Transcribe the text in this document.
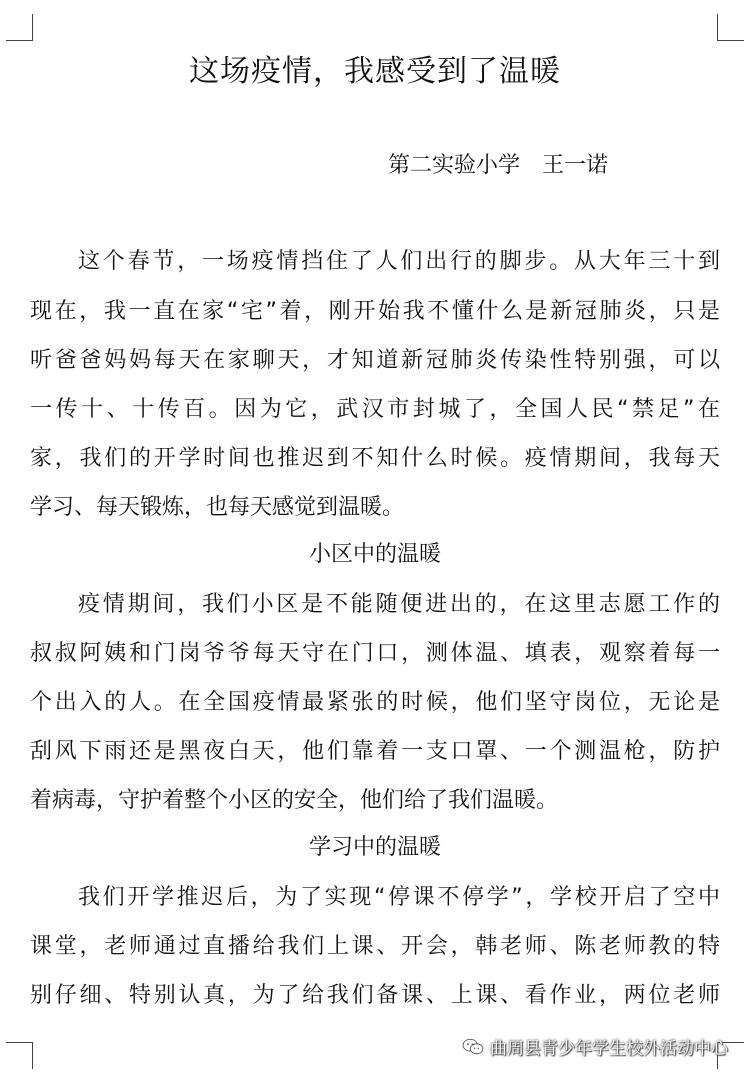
这场疫情，我感受到了温暖

第二实验小学　王一诺

这个春节，一场疫情挡住了人们出行的脚步。从大年三十到

现在，我一直在家“宅”着，刚开始我不懂什么是新冠肺炎，只是

听爸爸妈妈每天在家聊天，才知道新冠肺炎传染性特别强，可以

一传十、十传百。因为它，武汉市封城了，全国人民“禁足”在

家，我们的开学时间也推迟到不知什么时候。疫情期间，我每天

学习、每天锻炼，也每天感觉到温暖。

小区中的温暖

疫情期间，我们小区是不能随便进出的，在这里志愿工作的

叔叔阿姨和门岗爷爷每天守在门口，测体温、填表，观察着每一

个出入的人。在全国疫情最紧张的时候，他们坚守岗位，无论是

刮风下雨还是黑夜白天，他们靠着一支口罩、一个测温枪，防护

着病毒，守护着整个小区的安全，他们给了我们温暖。

学习中的温暖

我们开学推迟后，为了实现“停课不停学”，学校开启了空中

课堂，老师通过直播给我们上课、开会，韩老师、陈老师教的特

别仔细、特别认真，为了给我们备课、上课、看作业，两位老师

曲周县青少年学生校外活动中心
